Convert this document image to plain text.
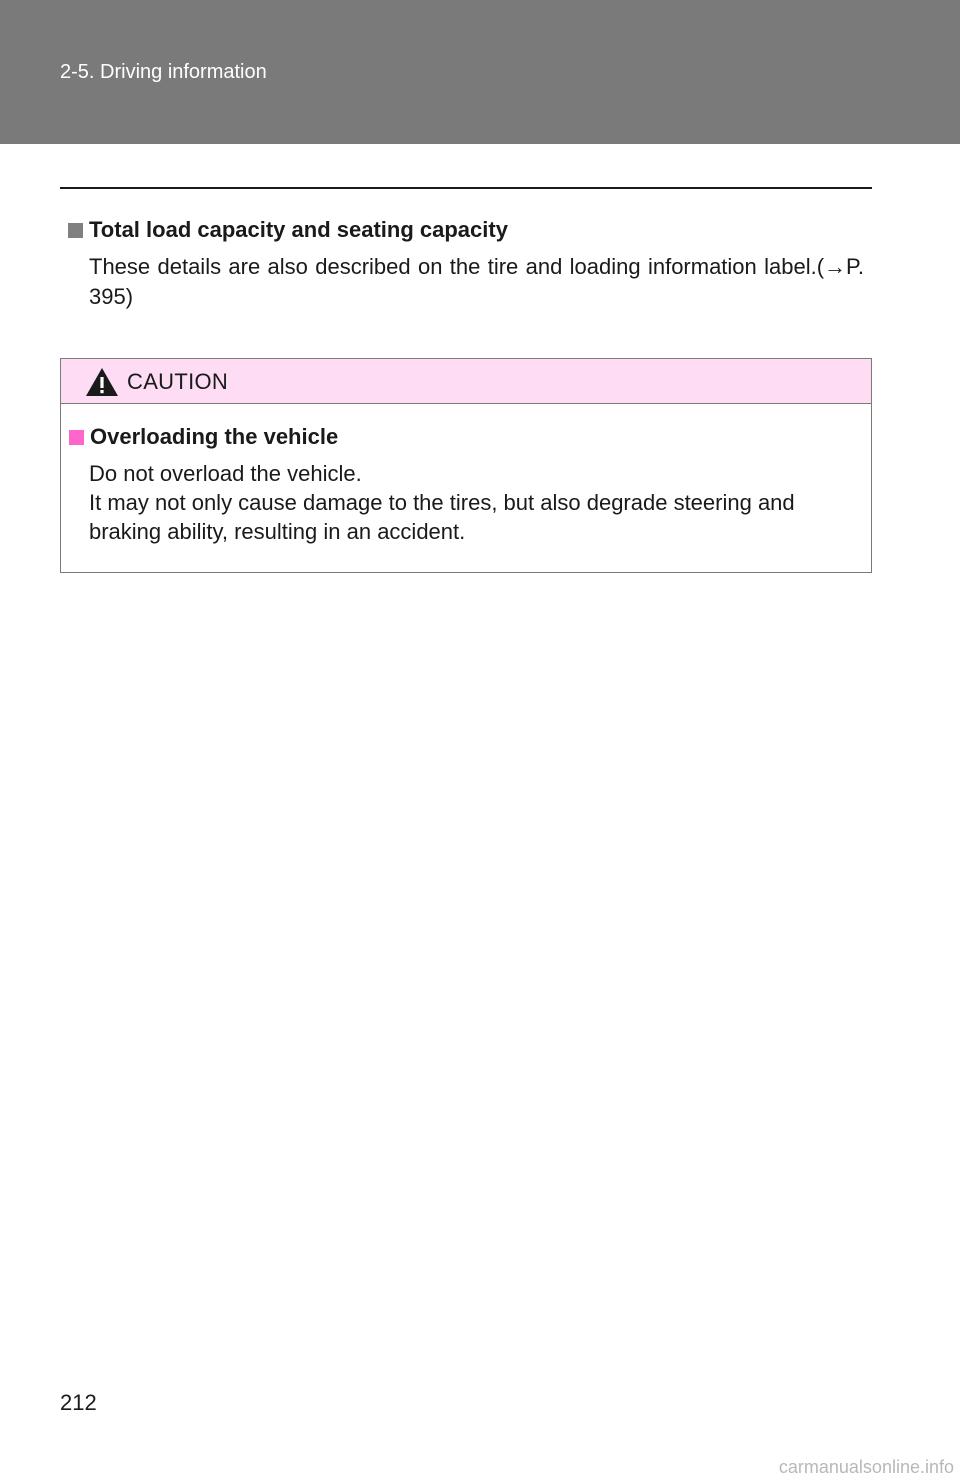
2-5. Driving information
Total load capacity and seating capacity
These details are also described on the tire and loading information label.(→P. 395)
CAUTION
Overloading the vehicle
Do not overload the vehicle.
It may not only cause damage to the tires, but also degrade steering and braking ability, resulting in an accident.
212
carmanualsonline.info
